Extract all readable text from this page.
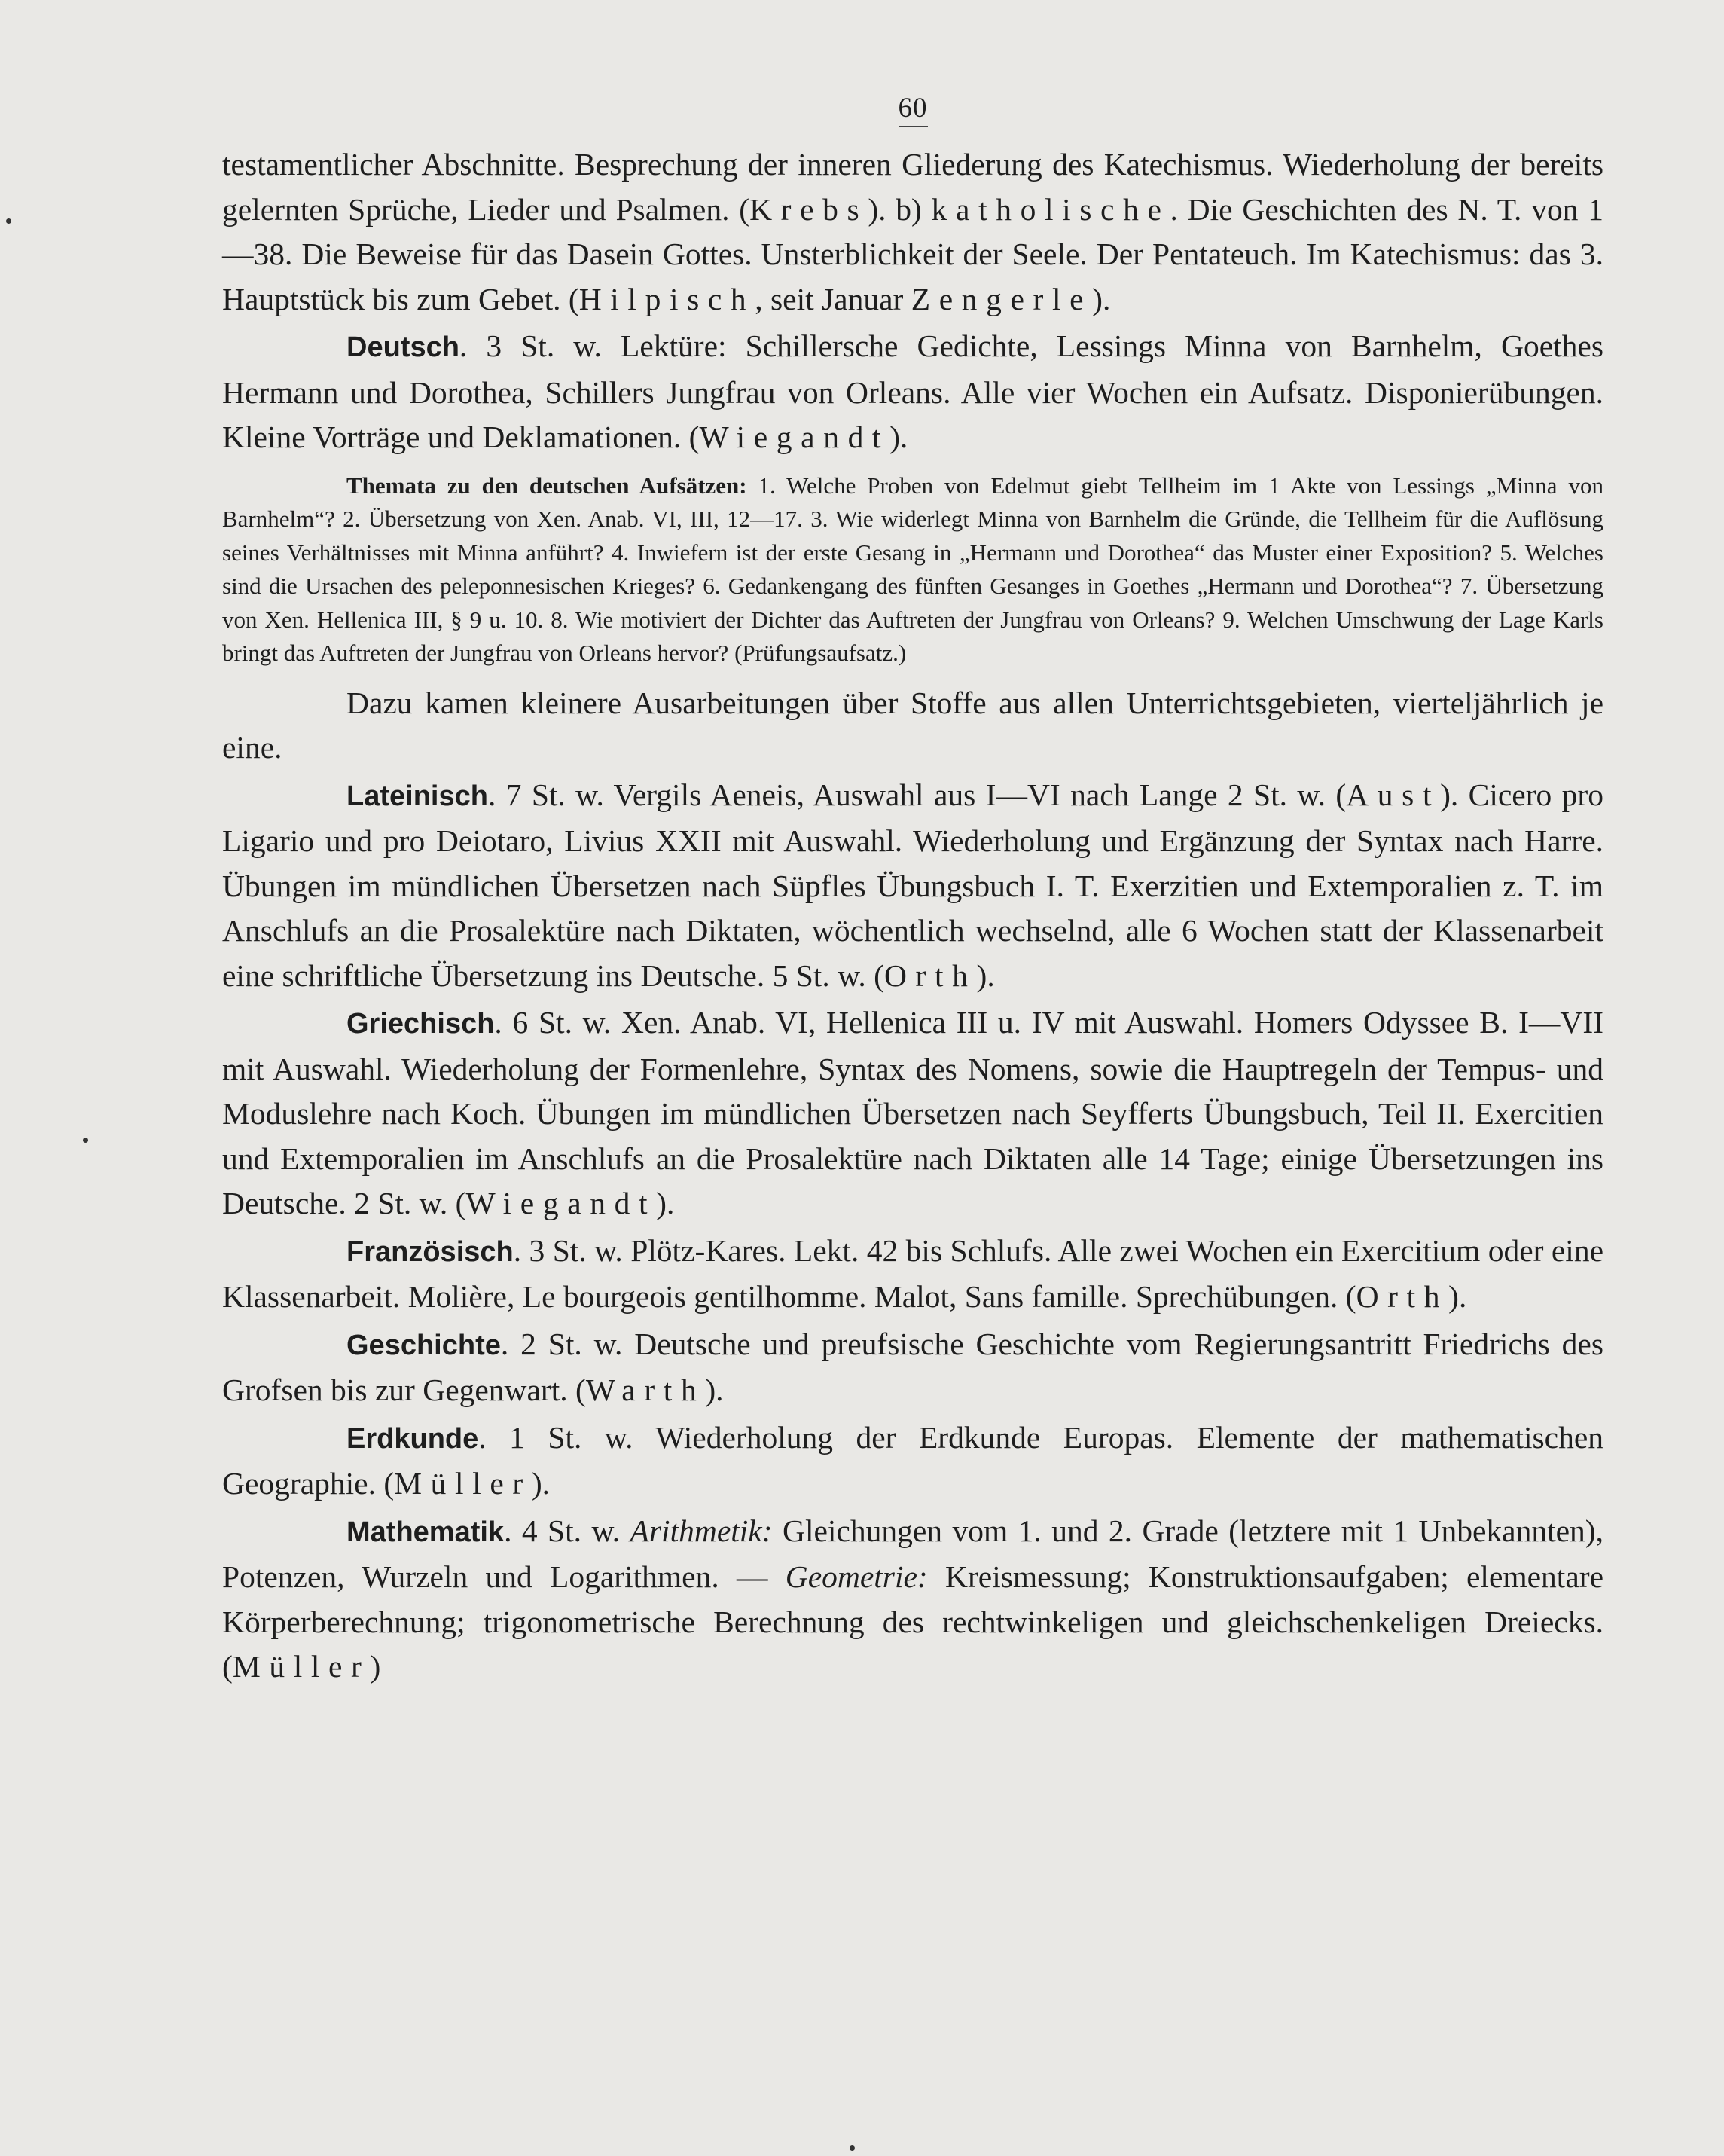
60

testamentlicher Abschnitte. Besprechung der inneren Gliederung des Katechismus. Wiederholung der bereits gelernten Sprüche, Lieder und Psalmen. (Krebs). b) katholische. Die Geschichten des N. T. von 1—38. Die Beweise für das Dasein Gottes. Unsterblichkeit der Seele. Der Pentateuch. Im Katechismus: das 3. Hauptstück bis zum Gebet. (Hilpisch, seit Januar Zengerle).

Deutsch. 3 St. w. Lektüre: Schillersche Gedichte, Lessings Minna von Barnhelm, Goethes Hermann und Dorothea, Schillers Jungfrau von Orleans. Alle vier Wochen ein Aufsatz. Disponierübungen. Kleine Vorträge und Deklamationen. (Wiegandt).

Themata zu den deutschen Aufsätzen: 1. Welche Proben von Edelmut giebt Tellheim im 1 Akte von Lessings „Minna von Barnhelm“? 2. Übersetzung von Xen. Anab. VI, III, 12—17. 3. Wie widerlegt Minna von Barnhelm die Gründe, die Tellheim für die Auflösung seines Verhältnisses mit Minna anführt? 4. Inwiefern ist der erste Gesang in „Hermann und Dorothea“ das Muster einer Exposition? 5. Welches sind die Ursachen des peleponnesischen Krieges? 6. Gedankengang des fünften Gesanges in Goethes „Hermann und Dorothea“? 7. Übersetzung von Xen. Hellenica III, § 9 u. 10. 8. Wie motiviert der Dichter das Auftreten der Jungfrau von Orleans? 9. Welchen Umschwung der Lage Karls bringt das Auftreten der Jungfrau von Orleans hervor? (Prüfungsaufsatz.)

Dazu kamen kleinere Ausarbeitungen über Stoffe aus allen Unterrichtsgebieten, vierteljährlich je eine.

Lateinisch. 7 St. w. Vergils Aeneis, Auswahl aus I—VI nach Lange 2 St. w. (Aust). Cicero pro Ligario und pro Deiotaro, Livius XXII mit Auswahl. Wiederholung und Ergänzung der Syntax nach Harre. Übungen im mündlichen Übersetzen nach Süpfles Übungsbuch I. T. Exerzitien und Extemporalien z. T. im Anschlufs an die Prosalektüre nach Diktaten, wöchentlich wechselnd, alle 6 Wochen statt der Klassenarbeit eine schriftliche Übersetzung ins Deutsche. 5 St. w. (Orth).

Griechisch. 6 St. w. Xen. Anab. VI, Hellenica III u. IV mit Auswahl. Homers Odyssee B. I—VII mit Auswahl. Wiederholung der Formenlehre, Syntax des Nomens, sowie die Hauptregeln der Tempus- und Moduslehre nach Koch. Übungen im mündlichen Übersetzen nach Seyfferts Übungsbuch, Teil II. Exercitien und Extemporalien im Anschlufs an die Prosalektüre nach Diktaten alle 14 Tage; einige Übersetzungen ins Deutsche. 2 St. w. (Wiegandt).

Französisch. 3 St. w. Plötz-Kares. Lekt. 42 bis Schlufs. Alle zwei Wochen ein Exercitium oder eine Klassenarbeit. Molière, Le bourgeois gentilhomme. Malot, Sans famille. Sprechübungen. (Orth).

Geschichte. 2 St. w. Deutsche und preufsische Geschichte vom Regierungsantritt Friedrichs des Grofsen bis zur Gegenwart. (Warth).

Erdkunde. 1 St. w. Wiederholung der Erdkunde Europas. Elemente der mathematischen Geographie. (Müller).

Mathematik. 4 St. w. Arithmetik: Gleichungen vom 1. und 2. Grade (letztere mit 1 Unbekannten), Potenzen, Wurzeln und Logarithmen. — Geometrie: Kreismessung; Konstruktionsaufgaben; elementare Körperberechnung; trigonometrische Berechnung des rechtwinkeligen und gleichschenkeligen Dreiecks. (Müller)
